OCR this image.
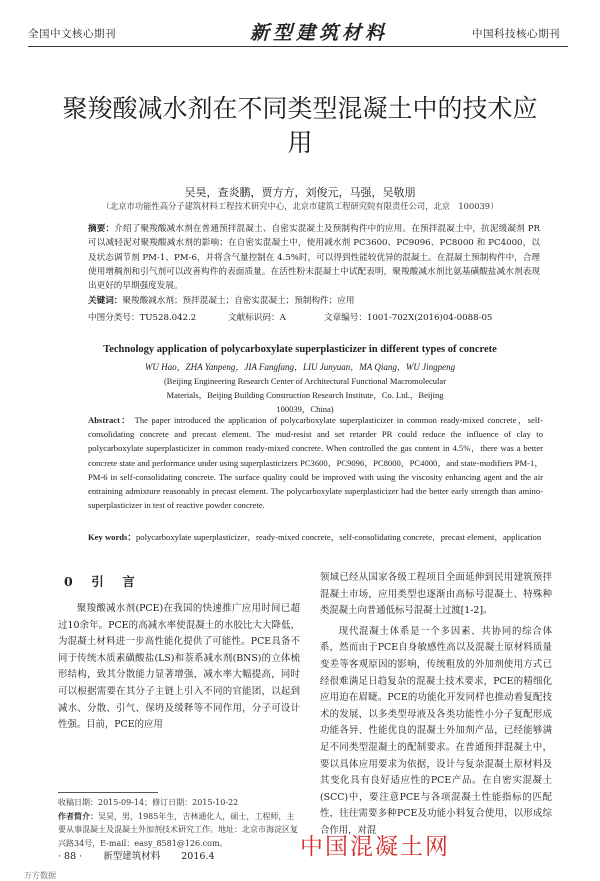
全国中文核心期刊	新型建筑材料	中国科技核心期刊
聚羧酸减水剂在不同类型混凝土中的技术应用
吴昊，查炎鹏，贾方方，刘俊元，马强，吴敬朋
（北京市功能性高分子建筑材料工程技术研究中心，北京市建筑工程研究院有限责任公司，北京　100039）
摘要：介绍了聚羧酸减水剂在普通预拌混凝土、自密实混凝土及预制构件中的应用。在预拌混凝土中，抗泥缓凝剂 PR 可以减轻泥对聚羧酸减水剂的影响；在自密实混凝土中，使用减水剂 PC3600、PC9096、PC8000 和 PC4000，以及状态调节剂 PM-1、PM-6，并将含气量控制在 4.5%时，可以得到性能较优异的混凝土。在混凝土预制构件中，合理使用增稠剂和引气剂可以改善构件的表面质量。在活性粉末混凝土中试配表明，聚羧酸减水剂比氨基磺酸盐减水剂表现出更好的早期强度发展。
关键词：聚羧酸减水剂；预拌混凝土；自密实混凝土；预制构件；应用
中图分类号：TU528.042.2	文献标识码：A	文章编号：1001-702X(2016)04-0088-05
Technology application of polycarboxylate superplasticizer in different types of concrete
WU Hao，ZHA Yanpeng，JIA Fangfang，LIU Junyuan，MA Qiang，WU Jingpeng
(Beijing Engineering Research Center of Architectural Functional Macromolecular Materials，Beijing Building Construction Research Institute，Co. Ltd.，Beijing 100039，China)
Abstract： The paper introduced the application of polycarboxylate superplasticizer in common ready-mixed concrete，self-consolidating concrete and precast element. The mud-resist and set retarder PR could reduce the influence of clay to polycarboxylate superplasticizer in common ready-mixed concrete. When controlled the gas content in 4.5%，there was a better concrete state and performance under using superplasticizers PC3600，PC9096，PC8000，PC4000，and state-modifiers PM-1，PM-6 in self-consolidating concrete. The surface quality could be improved with using the viscosity enhancing agent and the air entraining admixture reasonably in precast element. The polycarboxylate superplasticizer had the better early strength than amino-superplasticizer in test of reactive powder concrete.
Key words：polycarboxylate superplasticizer，ready-mixed concrete，self-consolidating concrete，precast element，application
0　引　言
聚羧酸减水剂(PCE)在我国的快速推广应用时间已超过10余年。PCE的高减水率使混凝土的水胶比大大降低，为混凝土材料进一步高性能化提供了可能性。PCE具备不同于传统木质素磺酸盐(LS)和萘系减水剂(BNS)的立体梳形结构，致其分散能力显著增强，减水率大幅提高，同时可以根据需要在其分子主链上引入不同的官能团，以起到减水、分散、引气、保坍及缓释等不同作用，分子可设计性强。目前，PCE的应用
领域已经从国家各级工程项目全面延伸到民用建筑预拌混凝土市场，应用类型也逐渐由高标号混凝土、特殊种类混凝土向普通低标号混凝土过渡[1-2]。
现代混凝土体系是一个多因素、共协同的综合体系，然而由于PCE自身敏感性高以及混凝土原材料质量变差等客观原因的影响，传统粗放的外加剂使用方式已经很难满足日趋复杂的混凝土技术要求，PCE的精细化应用迫在眉睫。PCE的功能化开发同样也推动着复配技术的发展，以多类型母液及各类功能性小分子复配形成功能各异、性能优良的混凝土外加剂产品，已经能够满足不同类型混凝土的配制要求。在普通预拌混凝土中，要以具体应用要求为依据，设计与复杂混凝土原材料及其变化具有良好适应性的PCE产品。在自密实混凝土(SCC)中，要注意PCE与各项混凝土性能指标的匹配性，往往需要多种PCE及功能小料复合使用，以形成综合作用，对混
收稿日期：2015-09-14；修订日期：2015-10-22
作者简介：吴昊，男，1985年生，吉林通化人，硕士，工程师，主要从事混凝土及混凝土外加剂技术研究工作。地址：北京市海淀区复兴路34号，E-mail：easy_8581@126.com。
· 88 · 新型建筑材料 2016.4	中国混凝土网
万方数据
